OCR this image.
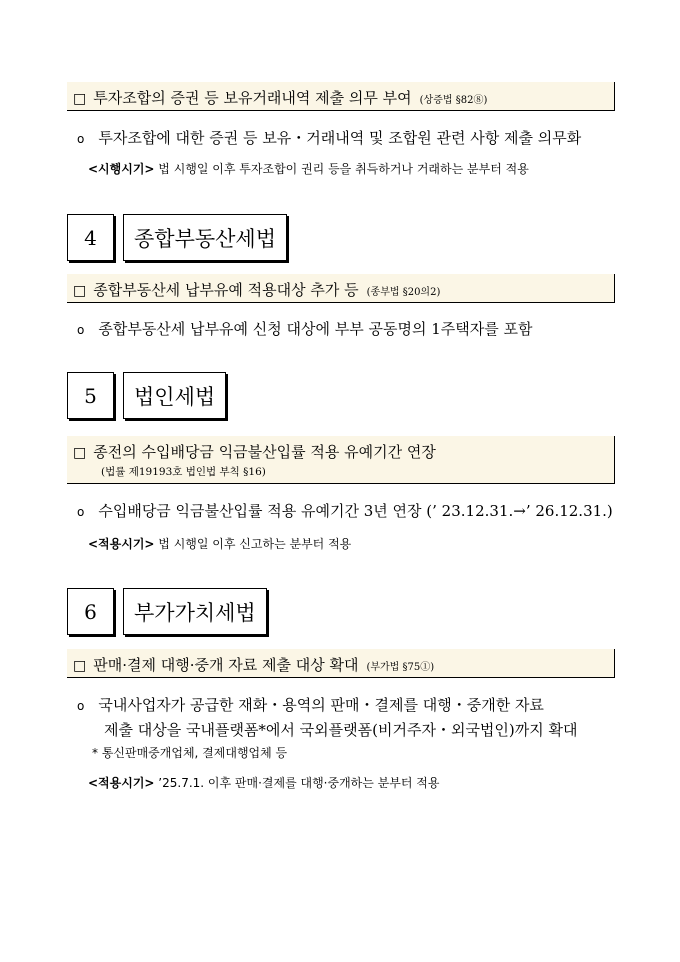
□ 투자조합의 증권 등 보유거래내역 제출 의무 부여 (상증법 §82⑧)
o 투자조합에 대한 증권 등 보유・거래내역 및 조합원 관련 사항 제출 의무화
<시행시기> 법 시행일 이후 투자조합이 권리 등을 취득하거나 거래하는 분부터 적용
4	종합부동산세법
□ 종합부동산세 납부유예 적용대상 추가 등 (종부법 §20의2)
o 종합부동산세 납부유예 신청 대상에 부부 공동명의 1주택자를 포함
5	법인세법
□ 종전의 수입배당금 익금불산입률 적용 유예기간 연장
(법률 제19193호 법인법 부칙 §16)
o 수입배당금 익금불산입률 적용 유예기간 3년 연장 (’ 23.12.31.→’ 26.12.31.)
<적용시기> 법 시행일 이후 신고하는 분부터 적용
6	부가가치세법
□ 판매·결제 대행·중개 자료 제출 대상 확대 (부가법 §75①)
o 국내사업자가 공급한 재화・용역의 판매・결제를 대행・중개한 자료
제출 대상을 국내플랫폼*에서 국외플랫폼(비거주자・외국법인)까지 확대
* 통신판매중개업체, 결제대행업체 등
<적용시기> ’25.7.1. 이후 판매·결제를 대행·중개하는 분부터 적용
